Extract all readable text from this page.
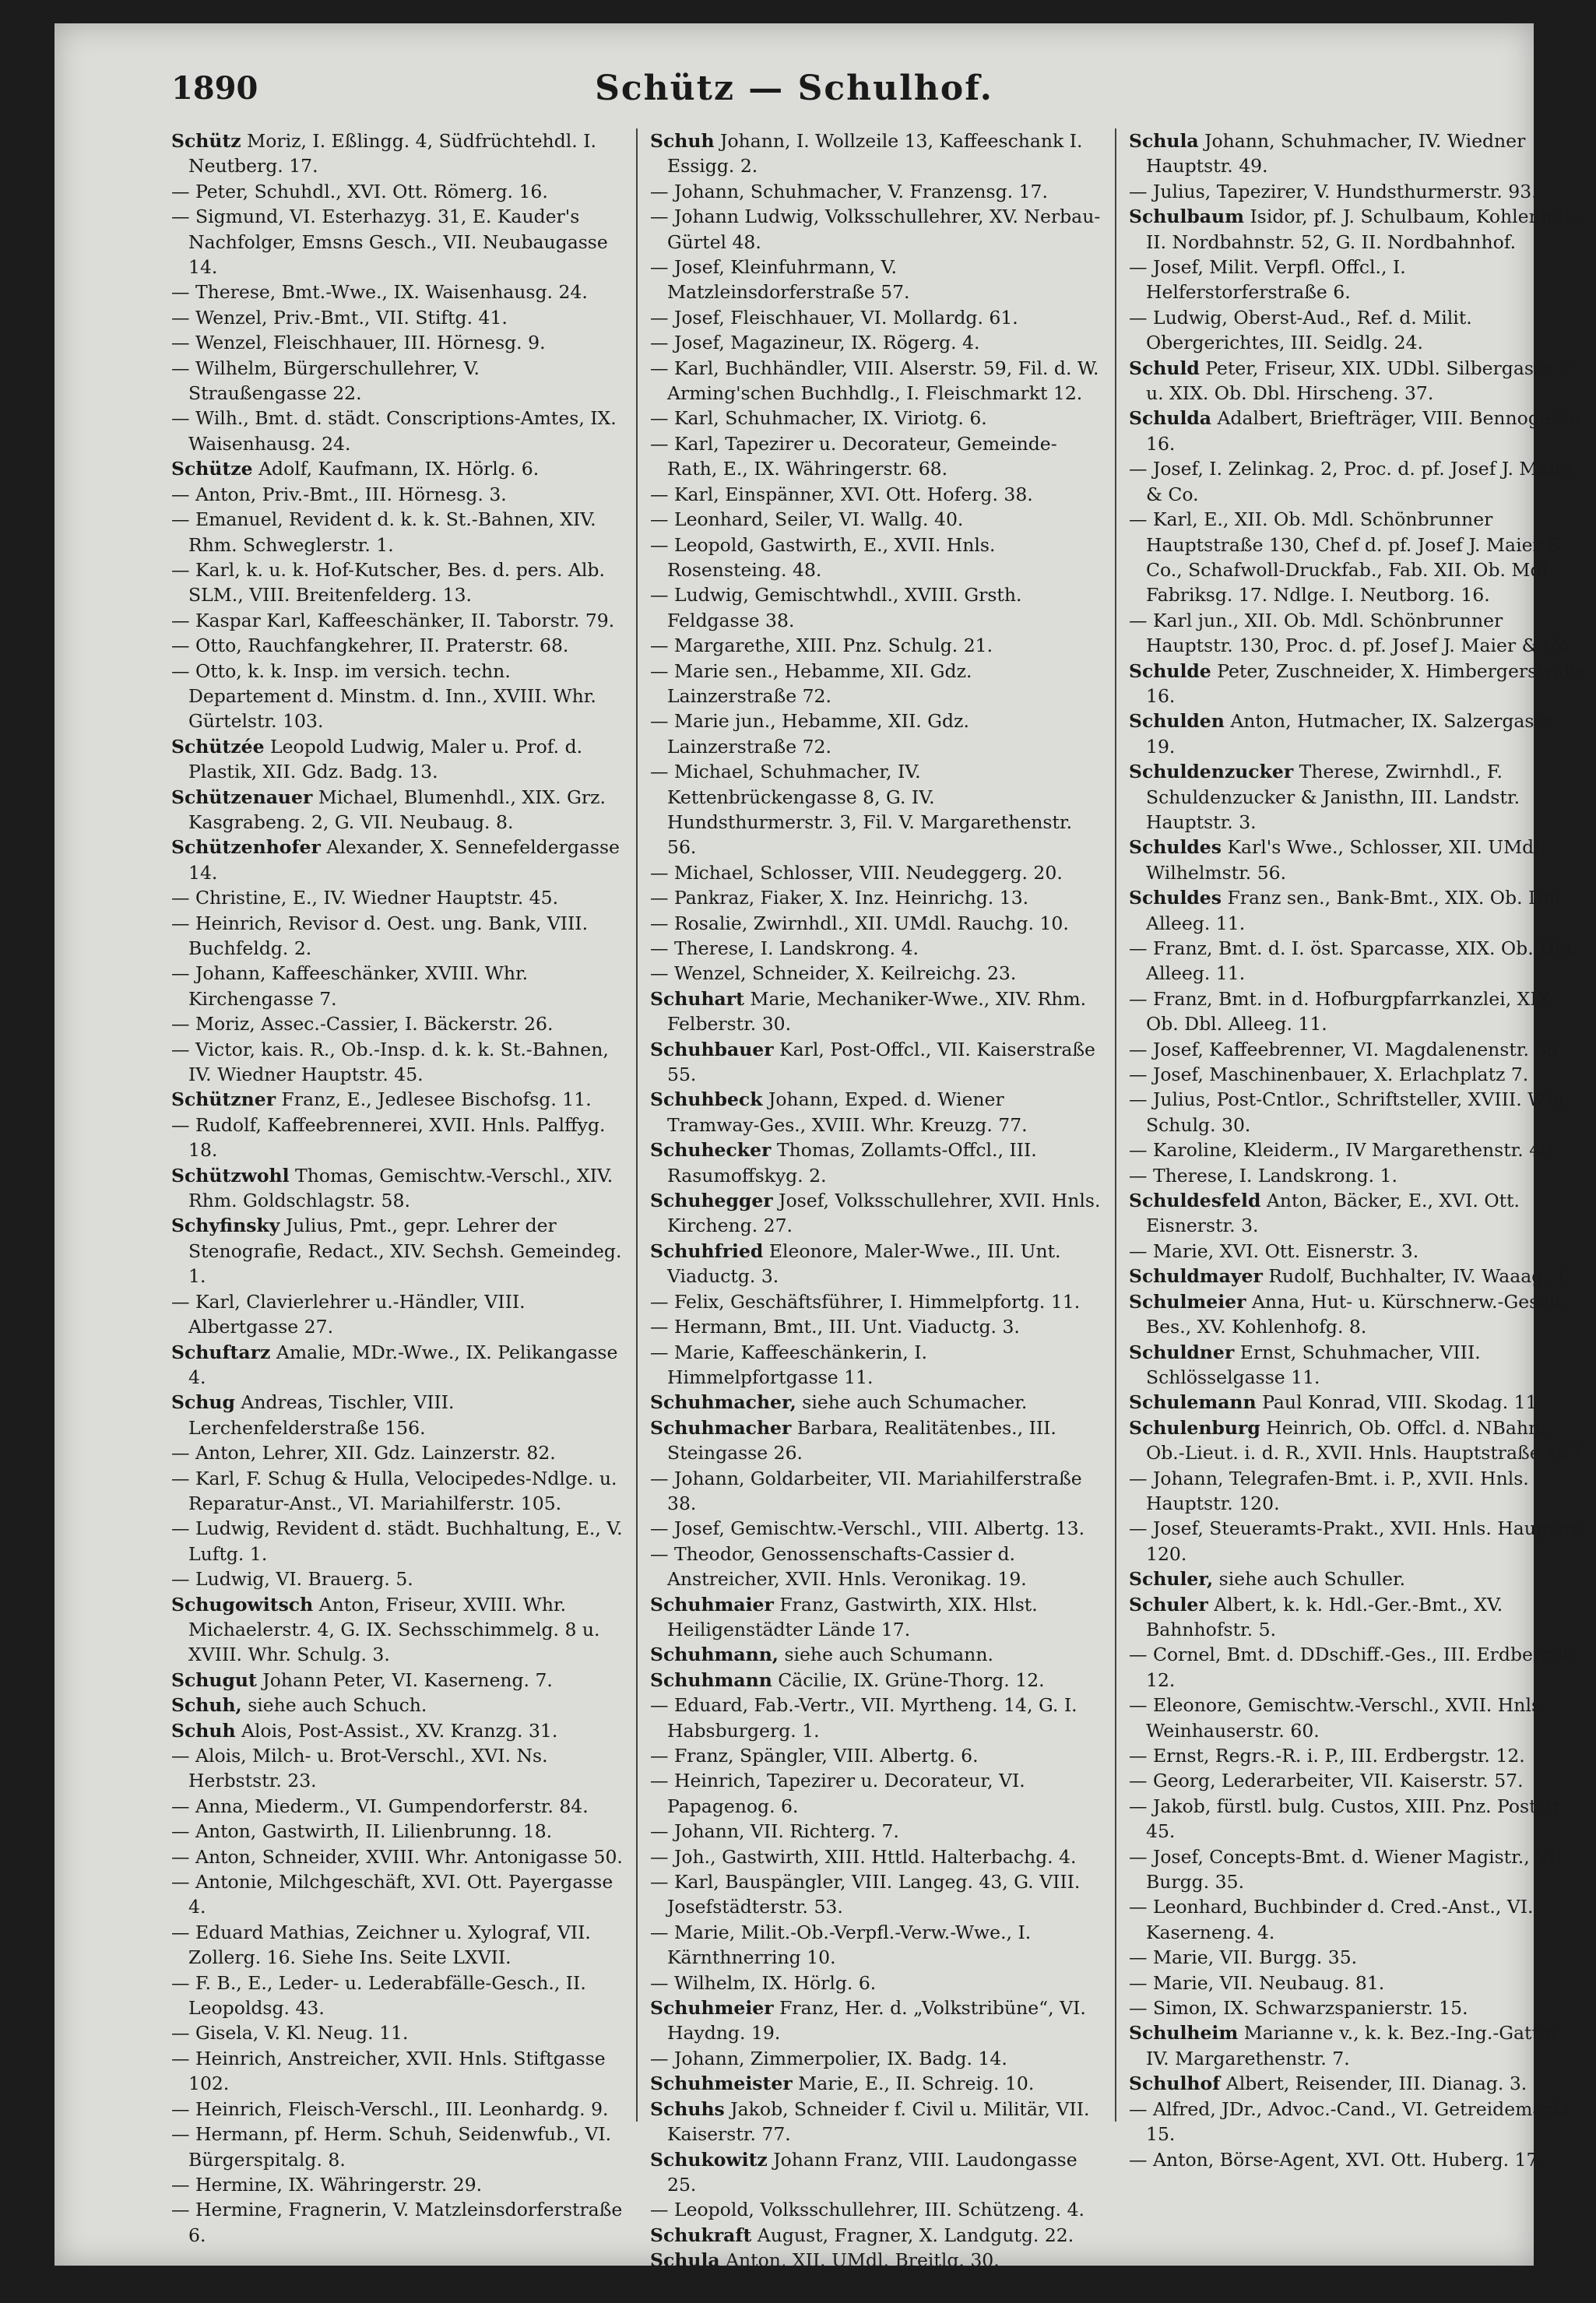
1890	Schütz — Schulhof.

Schütz Moriz, I. Eßlingg. 4, Südfrüchtehdl. I. Neutberg. 17.

— Peter, Schuhdl., XVI. Ott. Römerg. 16.

— Sigmund, VI. Esterhazyg. 31, E. Kauder's Nachfolger, Emsns Gesch., VII. Neubaugasse 14.

— Therese, Bmt.-Wwe., IX. Waisenhausg. 24.

— Wenzel, Priv.-Bmt., VII. Stiftg. 41.

— Wenzel, Fleischhauer, III. Hörnesg. 9.

— Wilhelm, Bürgerschullehrer, V. Straußengasse 22.

— Wilh., Bmt. d. städt. Conscriptions-Amtes, IX. Waisenhausg. 24.

Schütze Adolf, Kaufmann, IX. Hörlg. 6.

— Anton, Priv.-Bmt., III. Hörnesg. 3.

— Emanuel, Revident d. k. k. St.-Bahnen, XIV. Rhm. Schweglerstr. 1.

— Karl, k. u. k. Hof-Kutscher, Bes. d. pers. Alb. SLM., VIII. Breitenfelderg. 13.

— Kaspar Karl, Kaffeeschänker, II. Taborstr. 79.

— Otto, Rauchfangkehrer, II. Praterstr. 68.

— Otto, k. k. Insp. im versich. techn. Departement d. Minstm. d. Inn., XVIII. Whr. Gürtelstr. 103.

Schützée Leopold Ludwig, Maler u. Prof. d. Plastik, XII. Gdz. Badg. 13.

Schützenauer Michael, Blumenhdl., XIX. Grz. Kasgrabeng. 2, G. VII. Neubaug. 8.

Schützenhofer Alexander, X. Sennefeldergasse 14.

— Christine, E., IV. Wiedner Hauptstr. 45.

— Heinrich, Revisor d. Oest. ung. Bank, VIII. Buchfeldg. 2.

— Johann, Kaffeeschänker, XVIII. Whr. Kirchengasse 7.

— Moriz, Assec.-Cassier, I. Bäckerstr. 26.

— Victor, kais. R., Ob.-Insp. d. k. k. St.-Bahnen, IV. Wiedner Hauptstr. 45.

Schützner Franz, E., Jedlesee Bischofsg. 11.

— Rudolf, Kaffeebrennerei, XVII. Hnls. Palffyg. 18.

Schützwohl Thomas, Gemischtw.-Verschl., XIV. Rhm. Goldschlagstr. 58.

Schyfinsky Julius, Pmt., gepr. Lehrer der Stenografie, Redact., XIV. Sechsh. Gemeindeg. 1.

— Karl, Clavierlehrer u.-Händler, VIII. Albertgasse 27.

Schuftarz Amalie, MDr.-Wwe., IX. Pelikangasse 4.

Schug Andreas, Tischler, VIII. Lerchenfelderstraße 156.

— Anton, Lehrer, XII. Gdz. Lainzerstr. 82.

— Karl, F. Schug & Hulla, Velocipedes-Ndlge. u. Reparatur-Anst., VI. Mariahilferstr. 105.

— Ludwig, Revident d. städt. Buchhaltung, E., V. Luftg. 1.

— Ludwig, VI. Brauerg. 5.

Schugowitsch Anton, Friseur, XVIII. Whr. Michaelerstr. 4, G. IX. Sechsschimmelg. 8 u. XVIII. Whr. Schulg. 3.

Schugut Johann Peter, VI. Kaserneng. 7.

Schuh, siehe auch Schuch.

Schuh Alois, Post-Assist., XV. Kranzg. 31.

— Alois, Milch- u. Brot-Verschl., XVI. Ns. Herbststr. 23.

— Anna, Miederm., VI. Gumpendorferstr. 84.

— Anton, Gastwirth, II. Lilienbrunng. 18.

— Anton, Schneider, XVIII. Whr. Antonigasse 50.

— Antonie, Milchgeschäft, XVI. Ott. Payergasse 4.

— Eduard Mathias, Zeichner u. Xylograf, VII. Zollerg. 16. Siehe Ins. Seite LXVII.

— F. B., E., Leder- u. Lederabfälle-Gesch., II. Leopoldsg. 43.

— Gisela, V. Kl. Neug. 11.

— Heinrich, Anstreicher, XVII. Hnls. Stiftgasse 102.

— Heinrich, Fleisch-Verschl., III. Leonhardg. 9.

— Hermann, pf. Herm. Schuh, Seidenwfub., VI. Bürgerspitalg. 8.

— Hermine, IX. Währingerstr. 29.

— Hermine, Fragnerin, V. Matzleinsdorferstraße 6.

Schuh Johann, I. Wollzeile 13, Kaffeeschank I. Essigg. 2.

— Johann, Schuhmacher, V. Franzensg. 17.

— Johann Ludwig, Volksschullehrer, XV. Nerbau-Gürtel 48.

— Josef, Kleinfuhrmann, V. Matzleinsdorferstraße 57.

— Josef, Fleischhauer, VI. Mollardg. 61.

— Josef, Magazineur, IX. Rögerg. 4.

— Karl, Buchhändler, VIII. Alserstr. 59, Fil. d. W. Arming'schen Buchhdlg., I. Fleischmarkt 12.

— Karl, Schuhmacher, IX. Viriotg. 6.

— Karl, Tapezirer u. Decorateur, Gemeinde-Rath, E., IX. Währingerstr. 68.

— Karl, Einspänner, XVI. Ott. Hoferg. 38.

— Leonhard, Seiler, VI. Wallg. 40.

— Leopold, Gastwirth, E., XVII. Hnls. Rosensteing. 48.

— Ludwig, Gemischtwhdl., XVIII. Grsth. Feldgasse 38.

— Margarethe, XIII. Pnz. Schulg. 21.

— Marie sen., Hebamme, XII. Gdz. Lainzerstraße 72.

— Marie jun., Hebamme, XII. Gdz. Lainzerstraße 72.

— Michael, Schuhmacher, IV. Kettenbrückengasse 8, G. IV. Hundsthurmerstr. 3, Fil. V. Margarethenstr. 56.

— Michael, Schlosser, VIII. Neudeggerg. 20.

— Pankraz, Fiaker, X. Inz. Heinrichg. 13.

— Rosalie, Zwirnhdl., XII. UMdl. Rauchg. 10.

— Therese, I. Landskrong. 4.

— Wenzel, Schneider, X. Keilreichg. 23.

Schuhart Marie, Mechaniker-Wwe., XIV. Rhm. Felberstr. 30.

Schuhbauer Karl, Post-Offcl., VII. Kaiserstraße 55.

Schuhbeck Johann, Exped. d. Wiener Tramway-Ges., XVIII. Whr. Kreuzg. 77.

Schuhecker Thomas, Zollamts-Offcl., III. Rasumoffskyg. 2.

Schuhegger Josef, Volksschullehrer, XVII. Hnls. Kircheng. 27.

Schuhfried Eleonore, Maler-Wwe., III. Unt. Viaductg. 3.

— Felix, Geschäftsführer, I. Himmelpfortg. 11.

— Hermann, Bmt., III. Unt. Viaductg. 3.

— Marie, Kaffeeschänkerin, I. Himmelpfortgasse 11.

Schuhmacher, siehe auch Schumacher.

Schuhmacher Barbara, Realitätenbes., III. Steingasse 26.

— Johann, Goldarbeiter, VII. Mariahilferstraße 38.

— Josef, Gemischtw.-Verschl., VIII. Albertg. 13.

— Theodor, Genossenschafts-Cassier d. Anstreicher, XVII. Hnls. Veronikag. 19.

Schuhmaier Franz, Gastwirth, XIX. Hlst. Heiligenstädter Lände 17.

Schuhmann, siehe auch Schumann.

Schuhmann Cäcilie, IX. Grüne-Thorg. 12.

— Eduard, Fab.-Vertr., VII. Myrtheng. 14, G. I. Habsburgerg. 1.

— Franz, Spängler, VIII. Albertg. 6.

— Heinrich, Tapezirer u. Decorateur, VI. Papagenog. 6.

— Johann, VII. Richterg. 7.

— Joh., Gastwirth, XIII. Httld. Halterbachg. 4.

— Karl, Bauspängler, VIII. Langeg. 43, G. VIII. Josefstädterstr. 53.

— Marie, Milit.-Ob.-Verpfl.-Verw.-Wwe., I. Kärnthnerring 10.

— Wilhelm, IX. Hörlg. 6.

Schuhmeier Franz, Her. d. „Volkstribüne“, VI. Haydng. 19.

— Johann, Zimmerpolier, IX. Badg. 14.

Schuhmeister Marie, E., II. Schreig. 10.

Schuhs Jakob, Schneider f. Civil u. Militär, VII. Kaiserstr. 77.

Schukowitz Johann Franz, VIII. Laudongasse 25.

— Leopold, Volksschullehrer, III. Schützeng. 4.

Schukraft August, Fragner, X. Landgutg. 22.

Schula Anton, XII. UMdl. Breitlg. 30.

Schula Johann, Schuhmacher, IV. Wiedner Hauptstr. 49.

— Julius, Tapezirer, V. Hundsthurmerstr. 93.

Schulbaum Isidor, pf. J. Schulbaum, Kohlenhdl., II. Nordbahnstr. 52, G. II. Nordbahnhof.

— Josef, Milit. Verpfl. Offcl., I. Helferstorferstraße 6.

— Ludwig, Oberst-Aud., Ref. d. Milit. Obergerichtes, III. Seidlg. 24.

Schuld Peter, Friseur, XIX. UDbl. Silbergasse 2 u. XIX. Ob. Dbl. Hirscheng. 37.

Schulda Adalbert, Briefträger, VIII. Bennogasse 16.

— Josef, I. Zelinkag. 2, Proc. d. pf. Josef J. Maier & Co.

— Karl, E., XII. Ob. Mdl. Schönbrunner Hauptstraße 130, Chef d. pf. Josef J. Maier & Co., Schafwoll-Druckfab., Fab. XII. Ob. Mdl. Fabriksg. 17. Ndlge. I. Neutborg. 16.

— Karl jun., XII. Ob. Mdl. Schönbrunner Hauptstr. 130, Proc. d. pf. Josef J. Maier & Co.

Schulde Peter, Zuschneider, X. Himbergerstraße 16.

Schulden Anton, Hutmacher, IX. Salzergasse 19.

Schuldenzucker Therese, Zwirnhdl., F. Schuldenzucker & Janisthn, III. Landstr. Hauptstr. 3.

Schuldes Karl's Wwe., Schlosser, XII. UMdl. Wilhelmstr. 56.

Schuldes Franz sen., Bank-Bmt., XIX. Ob. Dbl. Alleeg. 11.

— Franz, Bmt. d. I. öst. Sparcasse, XIX. Ob. Dbl. Alleeg. 11.

— Franz, Bmt. in d. Hofburgpfarrkanzlei, XIX. Ob. Dbl. Alleeg. 11.

— Josef, Kaffeebrenner, VI. Magdalenenstr. 38.

— Josef, Maschinenbauer, X. Erlachplatz 7.

— Julius, Post-Cntlor., Schriftsteller, XVIII. Whr. Schulg. 30.

— Karoline, Kleiderm., IV Margarethenstr. 40.

— Therese, I. Landskrong. 1.

Schuldesfeld Anton, Bäcker, E., XVI. Ott. Eisnerstr. 3.

— Marie, XVI. Ott. Eisnerstr. 3.

Schuldmayer Rudolf, Buchhalter, IV. Waaag. 1.

Schulmeier Anna, Hut- u. Kürschnerw.-Gesch.-Bes., XV. Kohlenhofg. 8.

Schuldner Ernst, Schuhmacher, VIII. Schlösselgasse 11.

Schulemann Paul Konrad, VIII. Skodag. 11.

Schulenburg Heinrich, Ob. Offcl. d. NBahn., Ob.-Lieut. i. d. R., XVII. Hnls. Hauptstraße 127.

— Johann, Telegrafen-Bmt. i. P., XVII. Hnls. Hauptstr. 120.

— Josef, Steueramts-Prakt., XVII. Hnls. Hauptstr. 120.

Schuler, siehe auch Schuller.

Schuler Albert, k. k. Hdl.-Ger.-Bmt., XV. Bahnhofstr. 5.

— Cornel, Bmt. d. DDschiff.-Ges., III. Erdbergstr. 12.

— Eleonore, Gemischtw.-Verschl., XVII. Hnls. Weinhauserstr. 60.

— Ernst, Regrs.-R. i. P., III. Erdbergstr. 12.

— Georg, Lederarbeiter, VII. Kaiserstr. 57.

— Jakob, fürstl. bulg. Custos, XIII. Pnz. Poststr. 45.

— Josef, Concepts-Bmt. d. Wiener Magistr., VII. Burgg. 35.

— Leonhard, Buchbinder d. Cred.-Anst., VI. Kaserneng. 4.

— Marie, VII. Burgg. 35.

— Marie, VII. Neubaug. 81.

— Simon, IX. Schwarzspanierstr. 15.

Schulheim Marianne v., k. k. Bez.-Ing.-Gattin, IV. Margarethenstr. 7.

Schulhof Albert, Reisender, III. Dianag. 3.

— Alfred, JDr., Advoc.-Cand., VI. Getreidemarkt 15.

— Anton, Börse-Agent, XVI. Ott. Huberg. 17.
